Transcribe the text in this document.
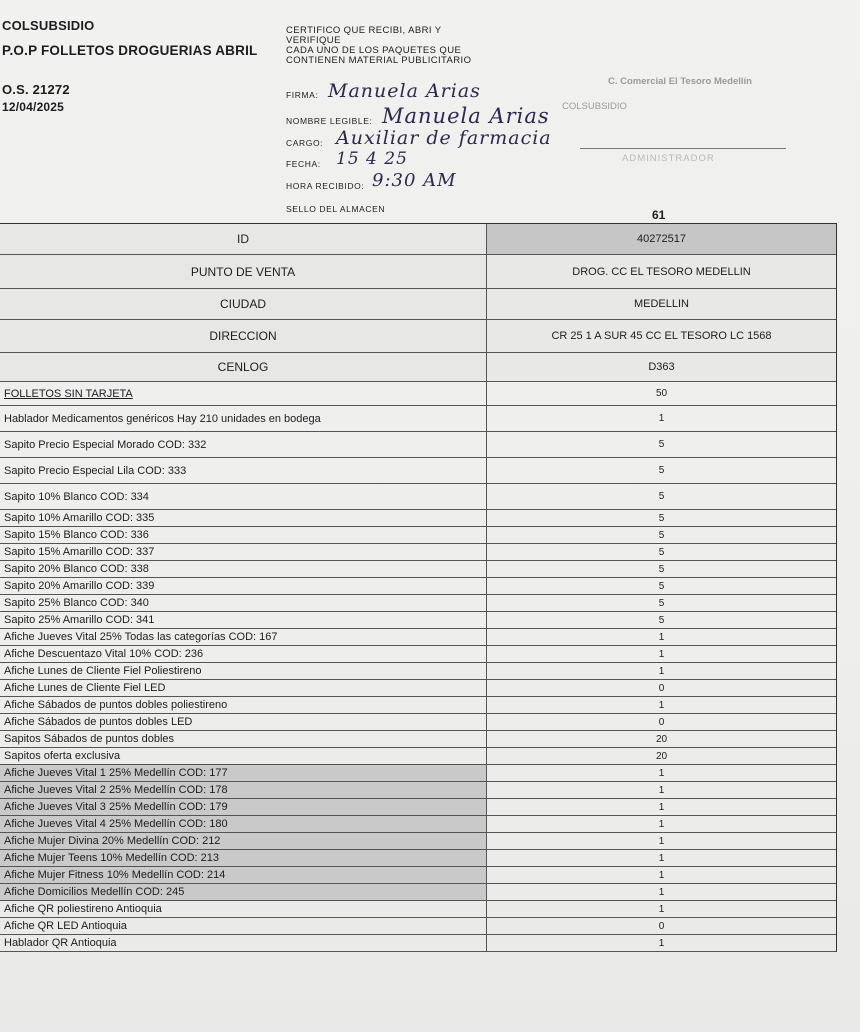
COLSUBSIDIO
P.O.P FOLLETOS DROGUERIAS ABRIL
O.S. 21272
12/04/2025
CERTIFICO QUE RECIBI, ABRI Y
VERIFIQUE
CADA UNO DE LOS PAQUETES QUE
CONTIENEN MATERIAL PUBLICITARIO
FIRMA: Manuela Arias
NOMBRE LEGIBLE: Manuela Arias
CARGO: Auxiliar de farmacia
FECHA: 15 4 25
HORA RECIBIDO: 9:30 AM
SELLO DEL ALMACEN	61
C. Comercial El Tesoro Medellín
COLSUBSIDIO
ADMINISTRADOR
ID	40272517
PUNTO DE VENTA	DROG. CC EL TESORO MEDELLIN
CIUDAD	MEDELLIN
DIRECCION	CR 25 1 A SUR 45 CC EL TESORO LC 1568
CENLOG	D363
FOLLETOS SIN TARJETA	50
Hablador Medicamentos genéricos Hay 210 unidades en bodega	1
Sapito Precio Especial Morado COD: 332	5
Sapito Precio Especial Lila COD: 333	5
Sapito 10% Blanco COD: 334	5
Sapito 10% Amarillo COD: 335	5
Sapito 15% Blanco COD: 336	5
Sapito 15% Amarillo COD: 337	5
Sapito 20% Blanco COD: 338	5
Sapito 20% Amarillo COD: 339	5
Sapito 25% Blanco COD: 340	5
Sapito 25% Amarillo COD: 341	5
Afiche Jueves Vital 25% Todas las categorías COD: 167	1
Afiche Descuentazo Vital 10% COD: 236	1
Afiche Lunes de Cliente Fiel Poliestireno	1
Afiche Lunes de Cliente Fiel LED	0
Afiche Sábados de puntos dobles poliestireno	1
Afiche Sábados de puntos dobles LED	0
Sapitos Sábados de puntos dobles	20
Sapitos oferta exclusiva	20
Afiche Jueves Vital 1 25% Medellín COD: 177	1
Afiche Jueves Vital 2 25% Medellín COD: 178	1
Afiche Jueves Vital 3 25% Medellín COD: 179	1
Afiche Jueves Vital 4 25% Medellín COD: 180	1
Afiche Mujer Divina 20% Medellín COD: 212	1
Afiche Mujer Teens 10% Medellín COD: 213	1
Afiche Mujer Fitness 10% Medellín COD: 214	1
Afiche Domicilios Medellín COD: 245	1
Afiche QR poliestireno Antioquia	1
Afiche QR LED Antioquia	0
Hablador QR Antioquia	1
